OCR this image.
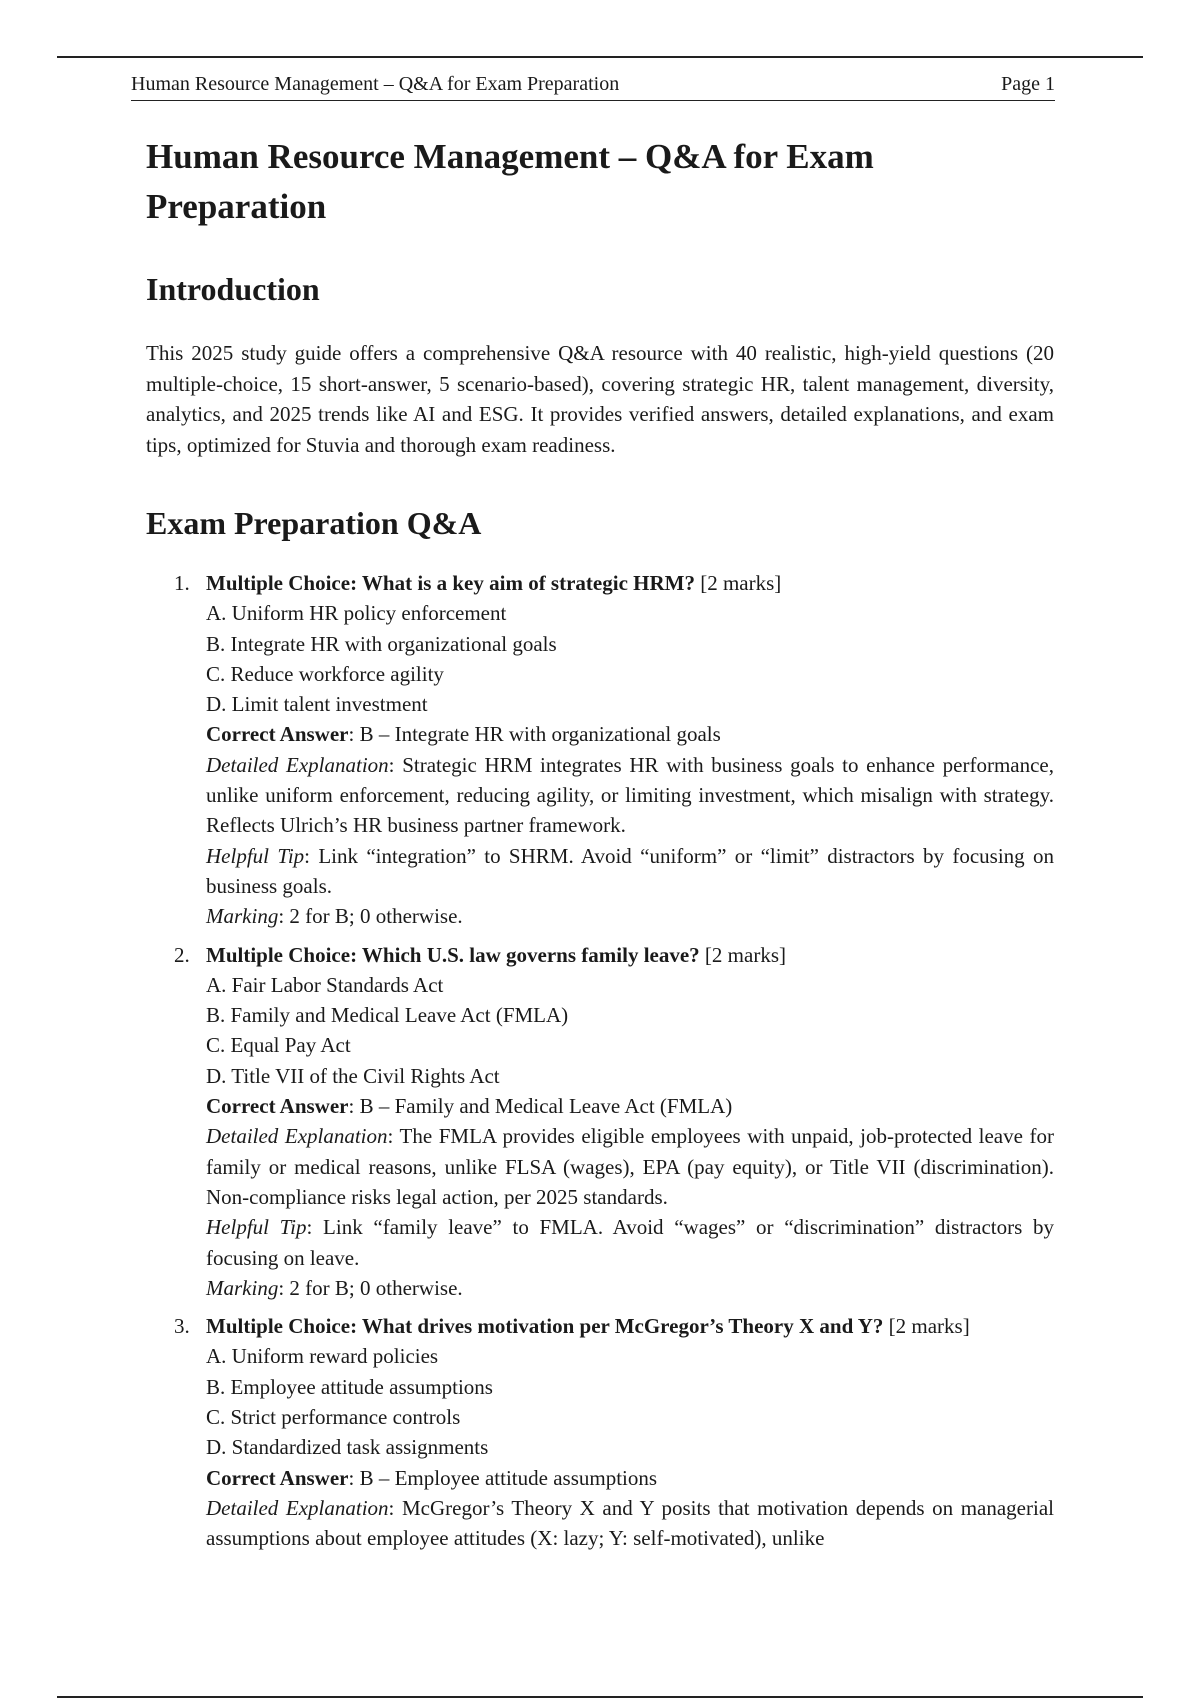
Human Resource Management – Q&A for Exam Preparation	Page 1
Human Resource Management – Q&A for Exam Preparation
Introduction

This 2025 study guide offers a comprehensive Q&A resource with 40 realistic, high-yield questions (20 multiple-choice, 15 short-answer, 5 scenario-based), covering strategic HR, talent management, diversity, analytics, and 2025 trends like AI and ESG. It provides verified answers, detailed explanations, and exam tips, optimized for Stuvia and thorough exam readiness.

Exam Preparation Q&A
1. Multiple Choice: What is a key aim of strategic HRM? [2 marks]
A. Uniform HR policy enforcement
B. Integrate HR with organizational goals
C. Reduce workforce agility
D. Limit talent investment
Correct Answer: B – Integrate HR with organizational goals
Detailed Explanation: Strategic HRM integrates HR with business goals to enhance performance, unlike uniform enforcement, reducing agility, or limiting investment, which misalign with strategy. Reflects Ulrich’s HR business partner framework.
Helpful Tip: Link “integration” to SHRM. Avoid “uniform” or “limit” distractors by focusing on business goals.
Marking: 2 for B; 0 otherwise.
2. Multiple Choice: Which U.S. law governs family leave? [2 marks]
A. Fair Labor Standards Act
B. Family and Medical Leave Act (FMLA)
C. Equal Pay Act
D. Title VII of the Civil Rights Act
Correct Answer: B – Family and Medical Leave Act (FMLA)
Detailed Explanation: The FMLA provides eligible employees with unpaid, job-protected leave for family or medical reasons, unlike FLSA (wages), EPA (pay equity), or Title VII (discrimination). Non-compliance risks legal action, per 2025 standards.
Helpful Tip: Link “family leave” to FMLA. Avoid “wages” or “discrimination” distractors by focusing on leave.
Marking: 2 for B; 0 otherwise.
3. Multiple Choice: What drives motivation per McGregor’s Theory X and Y? [2 marks]
A. Uniform reward policies
B. Employee attitude assumptions
C. Strict performance controls
D. Standardized task assignments
Correct Answer: B – Employee attitude assumptions
Detailed Explanation: McGregor’s Theory X and Y posits that motivation depends on managerial assumptions about employee attitudes (X: lazy; Y: self-motivated), unlike
